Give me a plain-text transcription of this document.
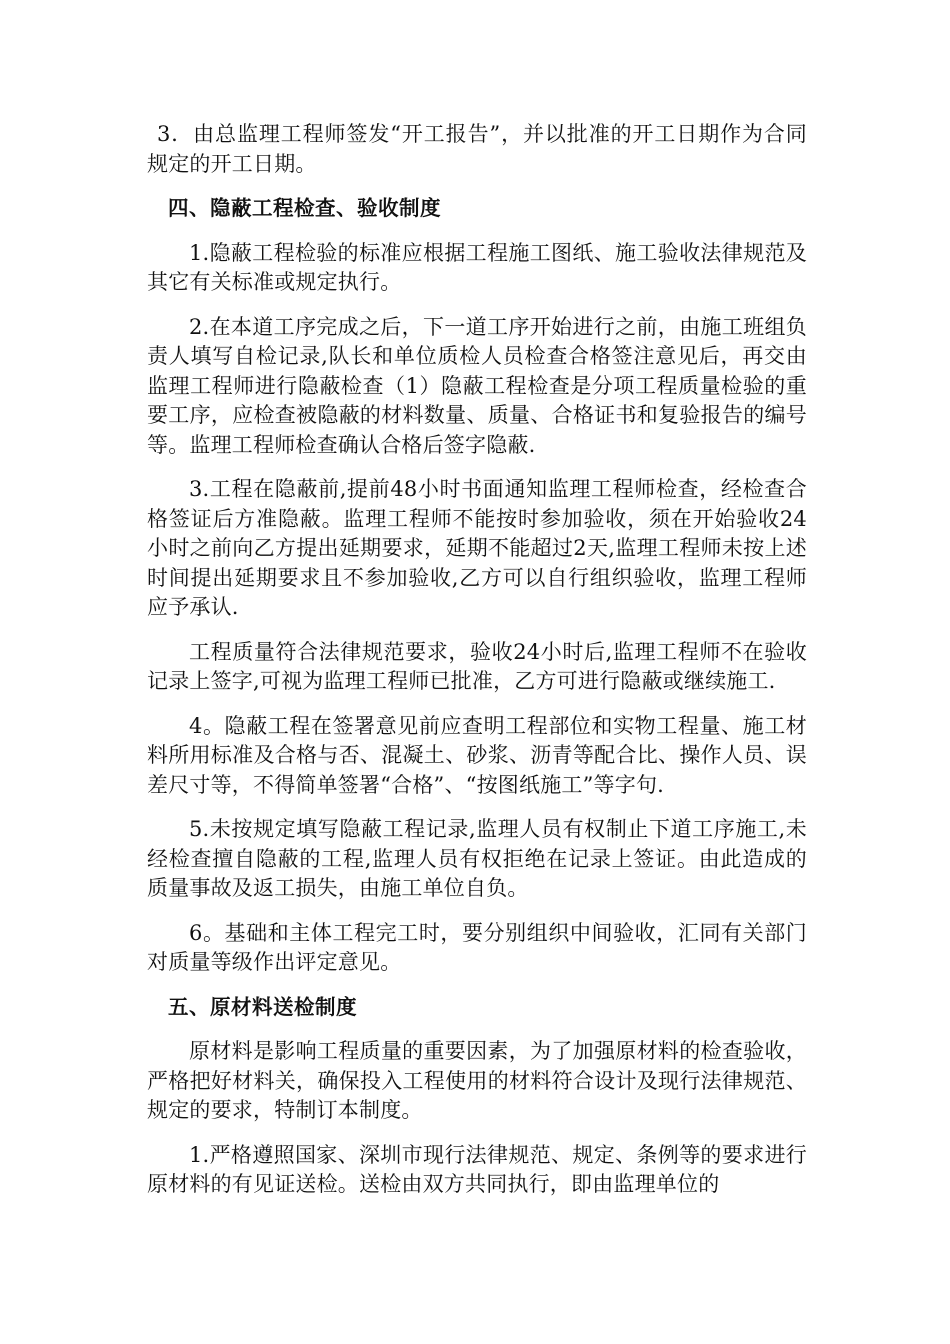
3．由总监理工程师签发“开工报告”，并以批准的开工日期作为合同规定的开工日期。

四、隐蔽工程检查、验收制度

1.隐蔽工程检验的标准应根据工程施工图纸、施工验收法律规范及其它有关标准或规定执行。

2.在本道工序完成之后，下一道工序开始进行之前，由施工班组负责人填写自检记录,队长和单位质检人员检查合格签注意见后，再交由监理工程师进行隐蔽检查（1）隐蔽工程检查是分项工程质量检验的重要工序，应检查被隐蔽的材料数量、质量、合格证书和复验报告的编号等。监理工程师检查确认合格后签字隐蔽.

3.工程在隐蔽前,提前48小时书面通知监理工程师检查，经检查合格签证后方准隐蔽。监理工程师不能按时参加验收，须在开始验收24小时之前向乙方提出延期要求，延期不能超过2天,监理工程师未按上述时间提出延期要求且不参加验收,乙方可以自行组织验收，监理工程师应予承认.

工程质量符合法律规范要求，验收24小时后,监理工程师不在验收记录上签字,可视为监理工程师已批准，乙方可进行隐蔽或继续施工.

4。隐蔽工程在签署意见前应查明工程部位和实物工程量、施工材料所用标准及合格与否、混凝土、砂浆、沥青等配合比、操作人员、误差尺寸等，不得简单签署“合格”、“按图纸施工”等字句.

5.未按规定填写隐蔽工程记录,监理人员有权制止下道工序施工,未经检查擅自隐蔽的工程,监理人员有权拒绝在记录上签证。由此造成的质量事故及返工损失，由施工单位自负。

6。基础和主体工程完工时，要分别组织中间验收，汇同有关部门对质量等级作出评定意见。

五、原材料送检制度

原材料是影响工程质量的重要因素，为了加强原材料的检查验收，严格把好材料关，确保投入工程使用的材料符合设计及现行法律规范、规定的要求，特制订本制度。

1.严格遵照国家、深圳市现行法律规范、规定、条例等的要求进行原材料的有见证送检。送检由双方共同执行，即由监理单位的
